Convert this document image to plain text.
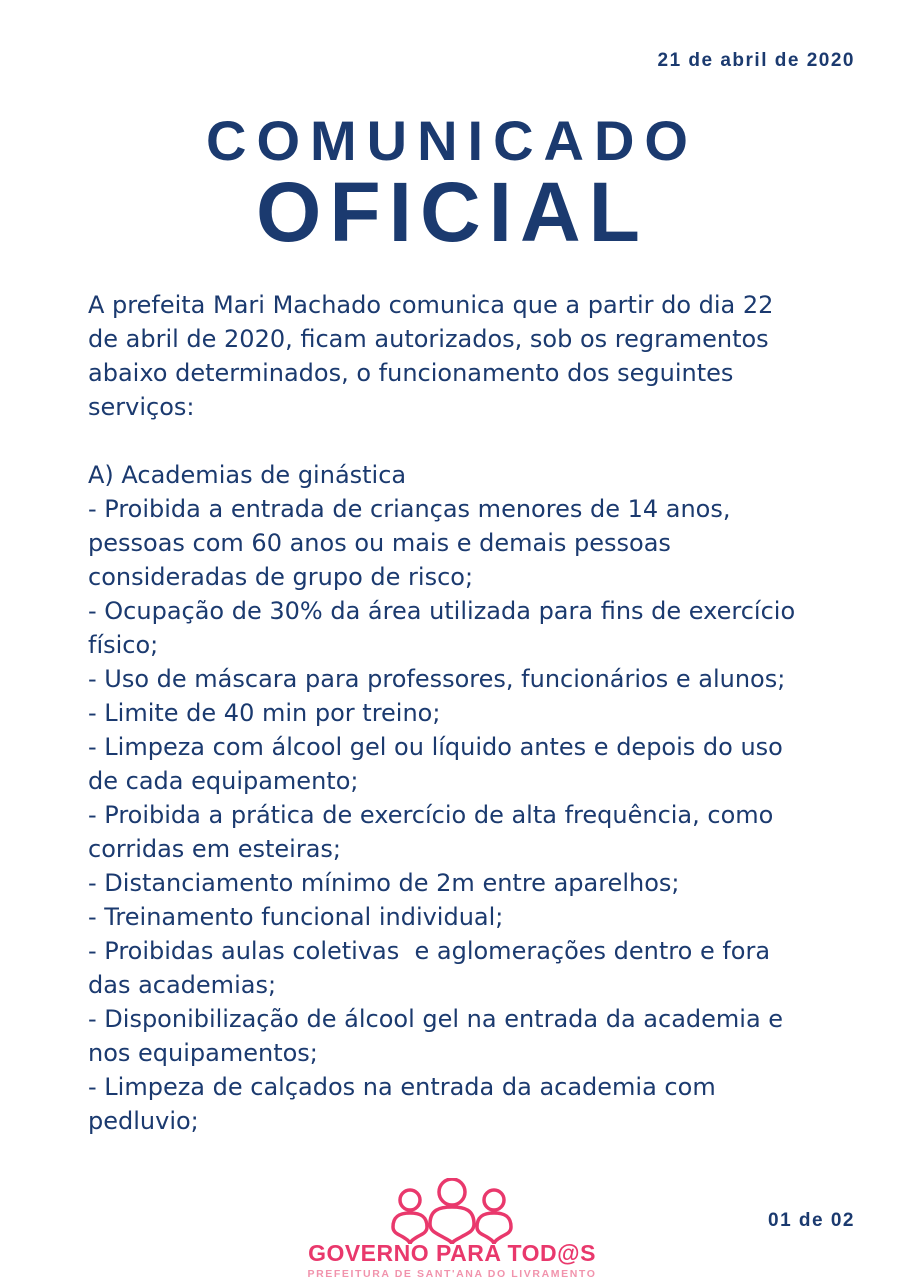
21 de abril de 2020
COMUNICADO
OFICIAL
A prefeita Mari Machado comunica que a partir do dia 22
de abril de 2020, ficam autorizados, sob os regramentos
abaixo determinados, o funcionamento dos seguintes
serviços:

A) Academias de ginástica
- Proibida a entrada de crianças menores de 14 anos,
pessoas com 60 anos ou mais e demais pessoas
consideradas de grupo de risco;
- Ocupação de 30% da área utilizada para fins de exercício
físico;
- Uso de máscara para professores, funcionários e alunos;
- Limite de 40 min por treino;
- Limpeza com álcool gel ou líquido antes e depois do uso
de cada equipamento;
- Proibida a prática de exercício de alta frequência, como
corridas em esteiras;
- Distanciamento mínimo de 2m entre aparelhos;
- Treinamento funcional individual;
- Proibidas aulas coletivas  e aglomerações dentro e fora
das academias;
- Disponibilização de álcool gel na entrada da academia e
nos equipamentos;
- Limpeza de calçados na entrada da academia com
pedluvio;
GOVERNO PARA TOD@S
PREFEITURA DE SANT'ANA DO LIVRAMENTO
01 de 02
